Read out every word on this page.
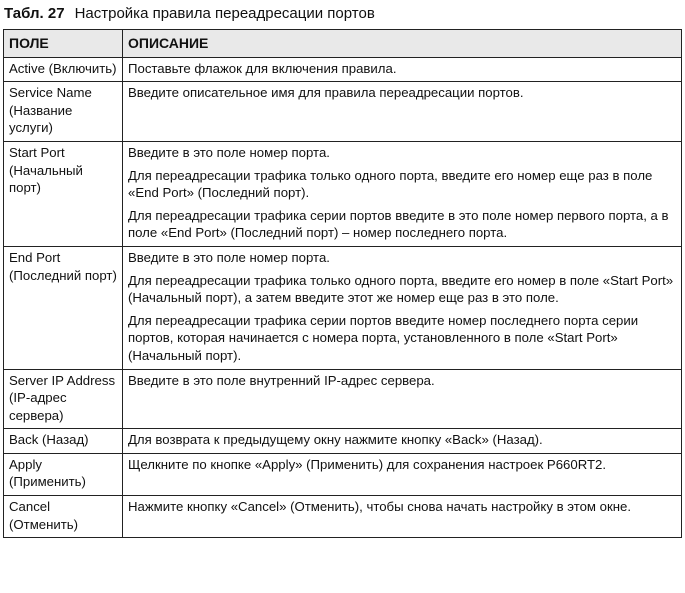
Табл. 27 Настройка правила переадресации портов
ПОЛЕ	ОПИСАНИЕ
Active (Включить)	Поставьте флажок для включения правила.

Service Name (Название услуги)	Введите описательное имя для правила переадресации портов.

Start Port (Начальный порт)	Введите в это поле номер порта.

Для переадресации трафика только одного порта, введите его номер еще раз в поле «End Port» (Последний порт).

Для переадресации трафика серии портов введите в это поле номер первого порта, а в поле «End Port» (Последний порт) – номер последнего порта.

End Port (Последний порт)	Введите в это поле номер порта.

Для переадресации трафика только одного порта, введите его номер в поле «Start Port» (Начальный порт), а затем введите этот же номер еще раз в это поле.

Для переадресации трафика серии портов введите номер последнего порта серии портов, которая начинается с номера порта, установленного в поле «Start Port» (Начальный порт).

Server IP Address (IP-адрес сервера)	Введите в это поле внутренний IP-адрес сервера.

Back (Назад)	Для возврата к предыдущему окну нажмите кнопку «Back» (Назад).

Apply (Применить)	Щелкните по кнопке «Apply» (Применить) для сохранения настроек P660RT2.

Cancel (Отменить)	Нажмите кнопку «Cancel» (Отменить), чтобы снова начать настройку в этом окне.
